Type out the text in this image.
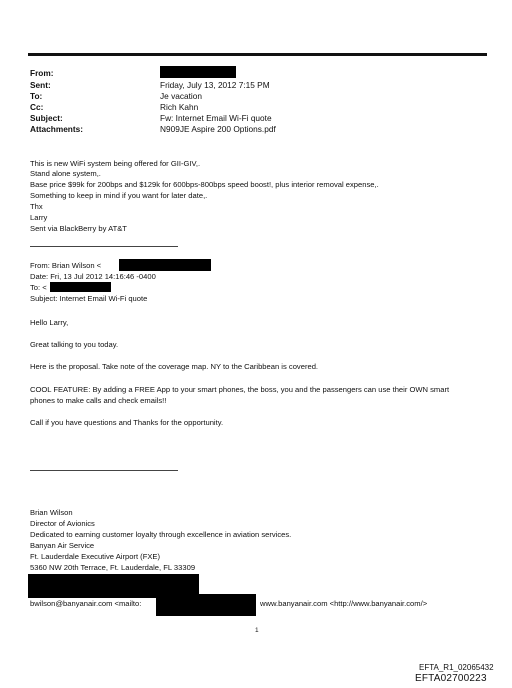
From:
Sent:	Friday, July 13, 2012 7:15 PM
To:	Je vacation
Cc:	Rich Kahn
Subject:	Fw: Internet Email Wi-Fi quote
Attachments:	N909JE Aspire 200 Options.pdf
This is new WiFi system being offered for GII-GIV,.
Stand alone system,.
Base price $99k for 200bps and $129k for 600bps-800bps speed boost!, plus interior removal expense,.
Something to keep in mind if you want for later date,.
Thx
Larry
Sent via BlackBerry by AT&T
From: Brian Wilson <
Date: Fri, 13 Jul 2012 14:16:46 -0400
To: <
Subject: Internet Email Wi-Fi quote
Hello Larry,
Great talking to you today.
Here is the proposal. Take note of the coverage map. NY to the Caribbean is covered.
COOL FEATURE: By adding a FREE App to your smart phones, the boss, you and the passengers can use their OWN smart
phones to make calls and check emails!!
Call if you have questions and Thanks for the opportunity.
Brian Wilson
Director of Avionics
Dedicated to earning customer loyalty through excellence in aviation services.
Banyan Air Service
Ft. Lauderdale Executive Airport (FXE)
5360 NW 20th Terrace, Ft. Lauderdale, FL 33309
bwilson@banyanair.com <mailto:	www.banyanair.com <http://www.banyanair.com/>
1
EFTA_R1_02065432
EFTA02700223
